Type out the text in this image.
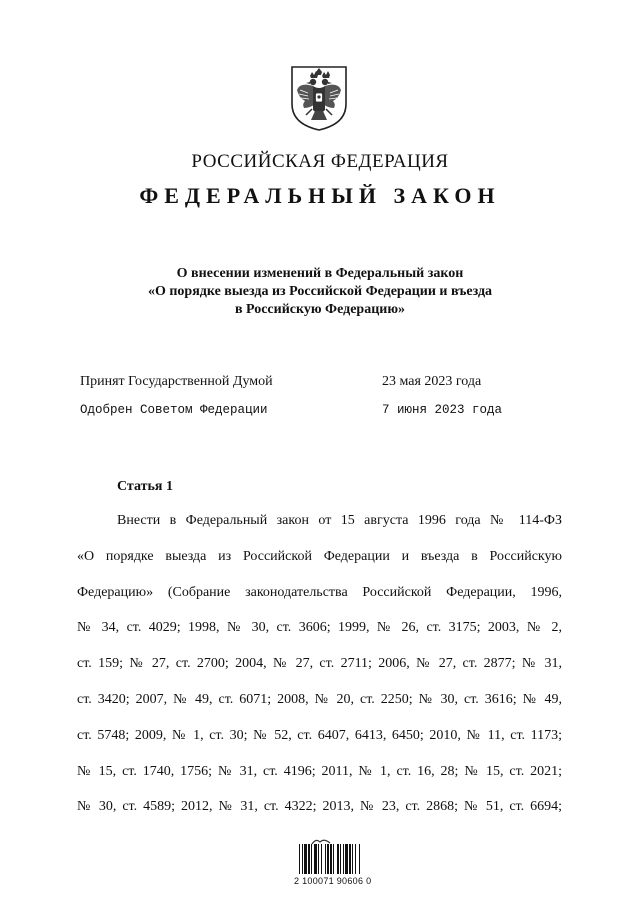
РОССИЙСКАЯ ФЕДЕРАЦИЯ
ФЕДЕРАЛЬНЫЙ ЗАКОН
О внесении изменений в Федеральный закон
«О порядке выезда из Российской Федерации и въезда
в Российскую Федерацию»
Принят Государственной Думой	23 мая 2023 года
Одобрен Советом Федерации	7 июня 2023 года
Статья 1
Внести в Федеральный закон от 15 августа 1996 года № 114-ФЗ
«О порядке выезда из Российской Федерации и въезда в Российскую
Федерацию» (Собрание законодательства Российской Федерации, 1996,
№ 34, ст. 4029; 1998, № 30, ст. 3606; 1999, № 26, ст. 3175; 2003, № 2,
ст. 159; № 27, ст. 2700; 2004, № 27, ст. 2711; 2006, № 27, ст. 2877; № 31,
ст. 3420; 2007, № 49, ст. 6071; 2008, № 20, ст. 2250; № 30, ст. 3616; № 49,
ст. 5748; 2009, № 1, ст. 30; № 52, ст. 6407, 6413, 6450; 2010, № 11, ст. 1173;
№ 15, ст. 1740, 1756; № 31, ст. 4196; 2011, № 1, ст. 16, 28; № 15, ст. 2021;
№ 30, ст. 4589; 2012, № 31, ст. 4322; 2013, № 23, ст. 2868; № 51, ст. 6694;
2 100071 90606 0
